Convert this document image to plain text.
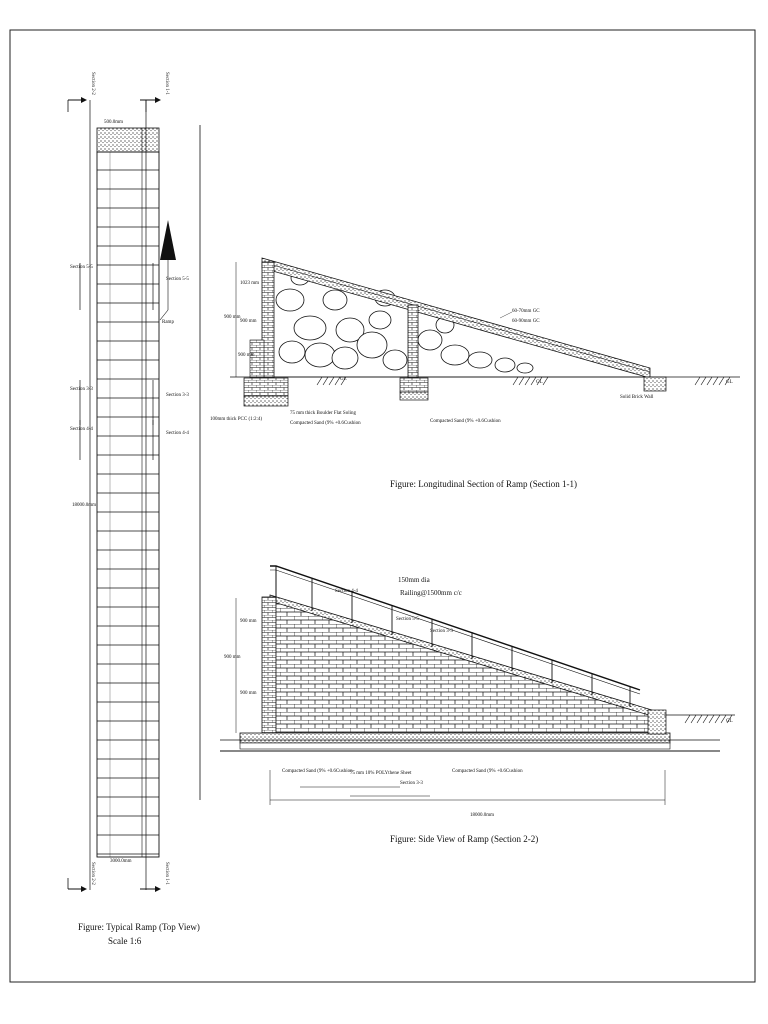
Section 2-2	Section 1-1
Section 2-2	Section 1-1
500.0mm
3000.0mm
18000.0mm
Section 5-5
Section 5-5
Section 3-3
Section 3-3
Section 4-4
Section 4-4
Ramp
Figure: Typical Ramp (Top View)
Scale 1:6
1023 mm
900 mm
900 mm
900 mm
GL
GL	GL
60-70mm GC
60-90mm GC
100mm thick PCC (1:2:4)
75 mm thick Boulder Flat Soling
Compacted Sand (9% +0.6Cushion	Compacted Sand (9% +0.6Cushion
Solid Brick Wall
Figure: Longitudinal Section of Ramp (Section 1-1)
GL
150mm dia
Railing@1500mm c/c
Section 4-4
Section 5-5
Section 3-3
900 mm
900 mm
900 mm
18000.0mm
75 mm 10% POLYthene Sheet
Compacted Sand (9% +0.6Cushion	Compacted Sand (9% +0.6Cushion
Section 3-3
Figure: Side View of Ramp (Section 2-2)
